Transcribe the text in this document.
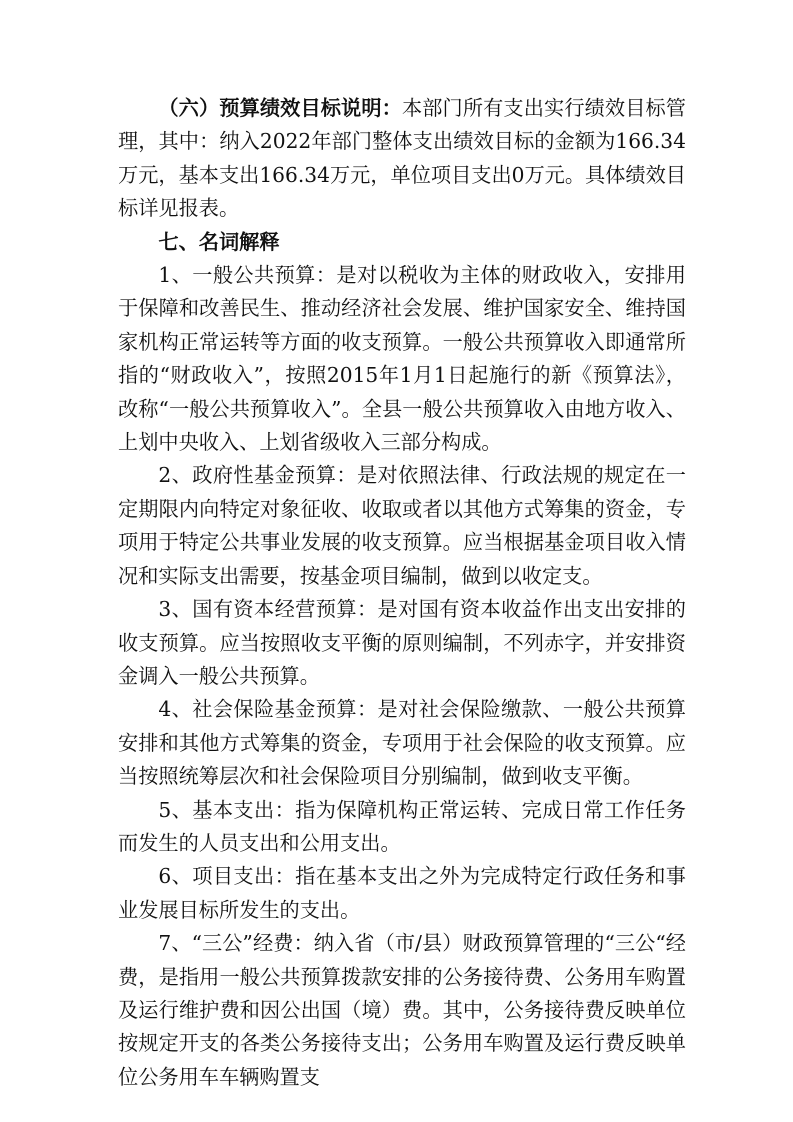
（六）预算绩效目标说明：本部门所有支出实行绩效目标管理，其中：纳入2022年部门整体支出绩效目标的金额为166.34万元，基本支出166.34万元，单位项目支出0万元。具体绩效目标详见报表。

七、名词解释

1、一般公共预算：是对以税收为主体的财政收入，安排用于保障和改善民生、推动经济社会发展、维护国家安全、维持国家机构正常运转等方面的收支预算。一般公共预算收入即通常所指的“财政收入”，按照2015年1月1日起施行的新《预算法》，改称“一般公共预算收入”。全县一般公共预算收入由地方收入、上划中央收入、上划省级收入三部分构成。

2、政府性基金预算：是对依照法律、行政法规的规定在一定期限内向特定对象征收、收取或者以其他方式筹集的资金，专项用于特定公共事业发展的收支预算。应当根据基金项目收入情况和实际支出需要，按基金项目编制，做到以收定支。

3、国有资本经营预算：是对国有资本收益作出支出安排的收支预算。应当按照收支平衡的原则编制，不列赤字，并安排资金调入一般公共预算。

4、社会保险基金预算：是对社会保险缴款、一般公共预算安排和其他方式筹集的资金，专项用于社会保险的收支预算。应当按照统筹层次和社会保险项目分别编制，做到收支平衡。

5、基本支出：指为保障机构正常运转、完成日常工作任务而发生的人员支出和公用支出。

6、项目支出：指在基本支出之外为完成特定行政任务和事业发展目标所发生的支出。

7、“三公”经费：纳入省（市/县）财政预算管理的“三公“经费，是指用一般公共预算拨款安排的公务接待费、公务用车购置及运行维护费和因公出国（境）费。其中，公务接待费反映单位按规定开支的各类公务接待支出；公务用车购置及运行费反映单位公务用车车辆购置支
